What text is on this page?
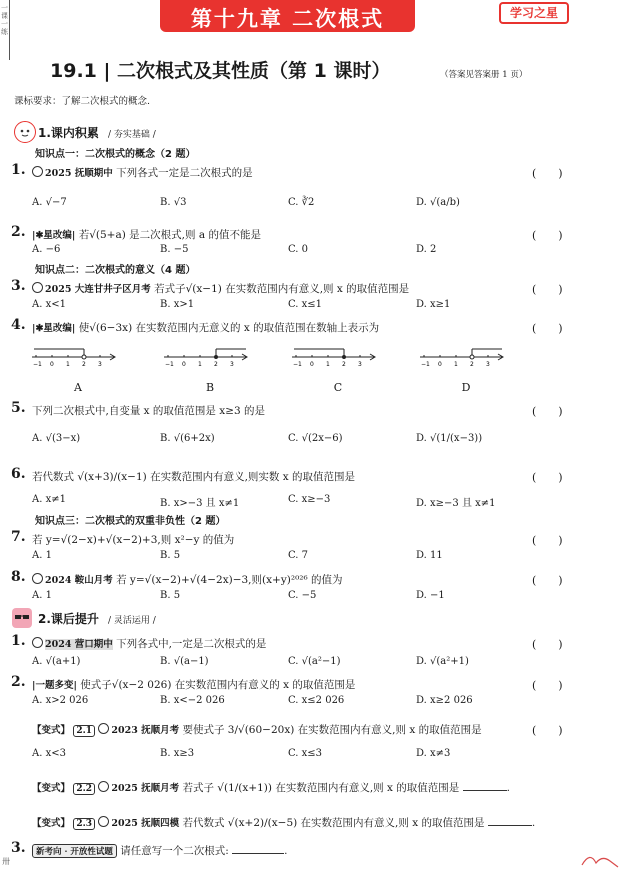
一课一练
第十九章 二次根式	学习之星
19.1 | 二次根式及其性质（第 1 课时）	（答案见答案册 1 页）
课标要求：了解二次根式的概念.
1.课内积累 / 夯实基础 /
知识点一：二次根式的概念（2 题）
1.	2025 抚顺期中 下列各式一定是二次根式的是	(　　)
A. √−7	B. √3	C. ∛2	D. √(a/b)
2. |✱星改编| 若√(5+a) 是二次根式,则 a 的值不能是	(　　)
A. −6	B. −5	C. 0	D. 2
知识点二：二次根式的意义（4 题）
3.	2025 大连甘井子区月考 若式子√(x−1) 在实数范围内有意义,则 x 的取值范围是	(　　)
A. x<1	B. x>1	C. x≤1	D. x≥1
4. |✱星改编| 使√(6−3x) 在实数范围内无意义的 x 的取值范围在数轴上表示为	(　　)
−1 0 1 2 3	−1 0 1 2 3	−1 0 1 2 3	−1 0 1 2 3
A	B	C	D
5. 下列二次根式中,自变量 x 的取值范围是 x≥3 的是	(　　)
A. √(3−x)	B. √(6+2x)	C. √(2x−6)	D. √(1/(x−3))
6. 若代数式 √(x+3)/(x−1) 在实数范围内有意义,则实数 x 的取值范围是	(　　)
A. x≠1	B. x>−3 且 x≠1	C. x≥−3	D. x≥−3 且 x≠1
知识点三：二次根式的双重非负性（2 题）
7. 若 y=√(2−x)+√(x−2)+3,则 x²−y 的值为	(　　)
A. 1	B. 5	C. 7	D. 11
8.	2024 鞍山月考 若 y=√(x−2)+√(4−2x)−3,则(x+y)²⁰²⁶ 的值为	(　　)
A. 1	B. 5	C. −5	D. −1
2.课后提升 / 灵活运用 /
1.	2024 营口期中 下列各式中,一定是二次根式的是	(　　)
A. √(a+1)	B. √(a−1)	C. √(a²−1)	D. √(a²+1)
2. |一题多变| 使式子√(x−2 026) 在实数范围内有意义的 x 的取值范围是	(　　)
A. x>2 026	B. x<−2 026	C. x≤2 026	D. x≥2 026
【变式】 2.1 2023 抚顺月考 要使式子 3/√(60−20x) 在实数范围内有意义,则 x 的取值范围是	(　　)
A. x<3	B. x≥3	C. x≤3	D. x≠3
【变式】 2.2 2025 抚顺月考 若式子 √(1/(x+1)) 在实数范围内有意义,则 x 的取值范围是	.
【变式】 2.3 2025 抚顺四模 若代数式 √(x+2)/(x−5) 在实数范围内有意义,则 x 的取值范围是	.
3.	新考向 · 开放性试题 请任意写一个二次根式:	.
卅
